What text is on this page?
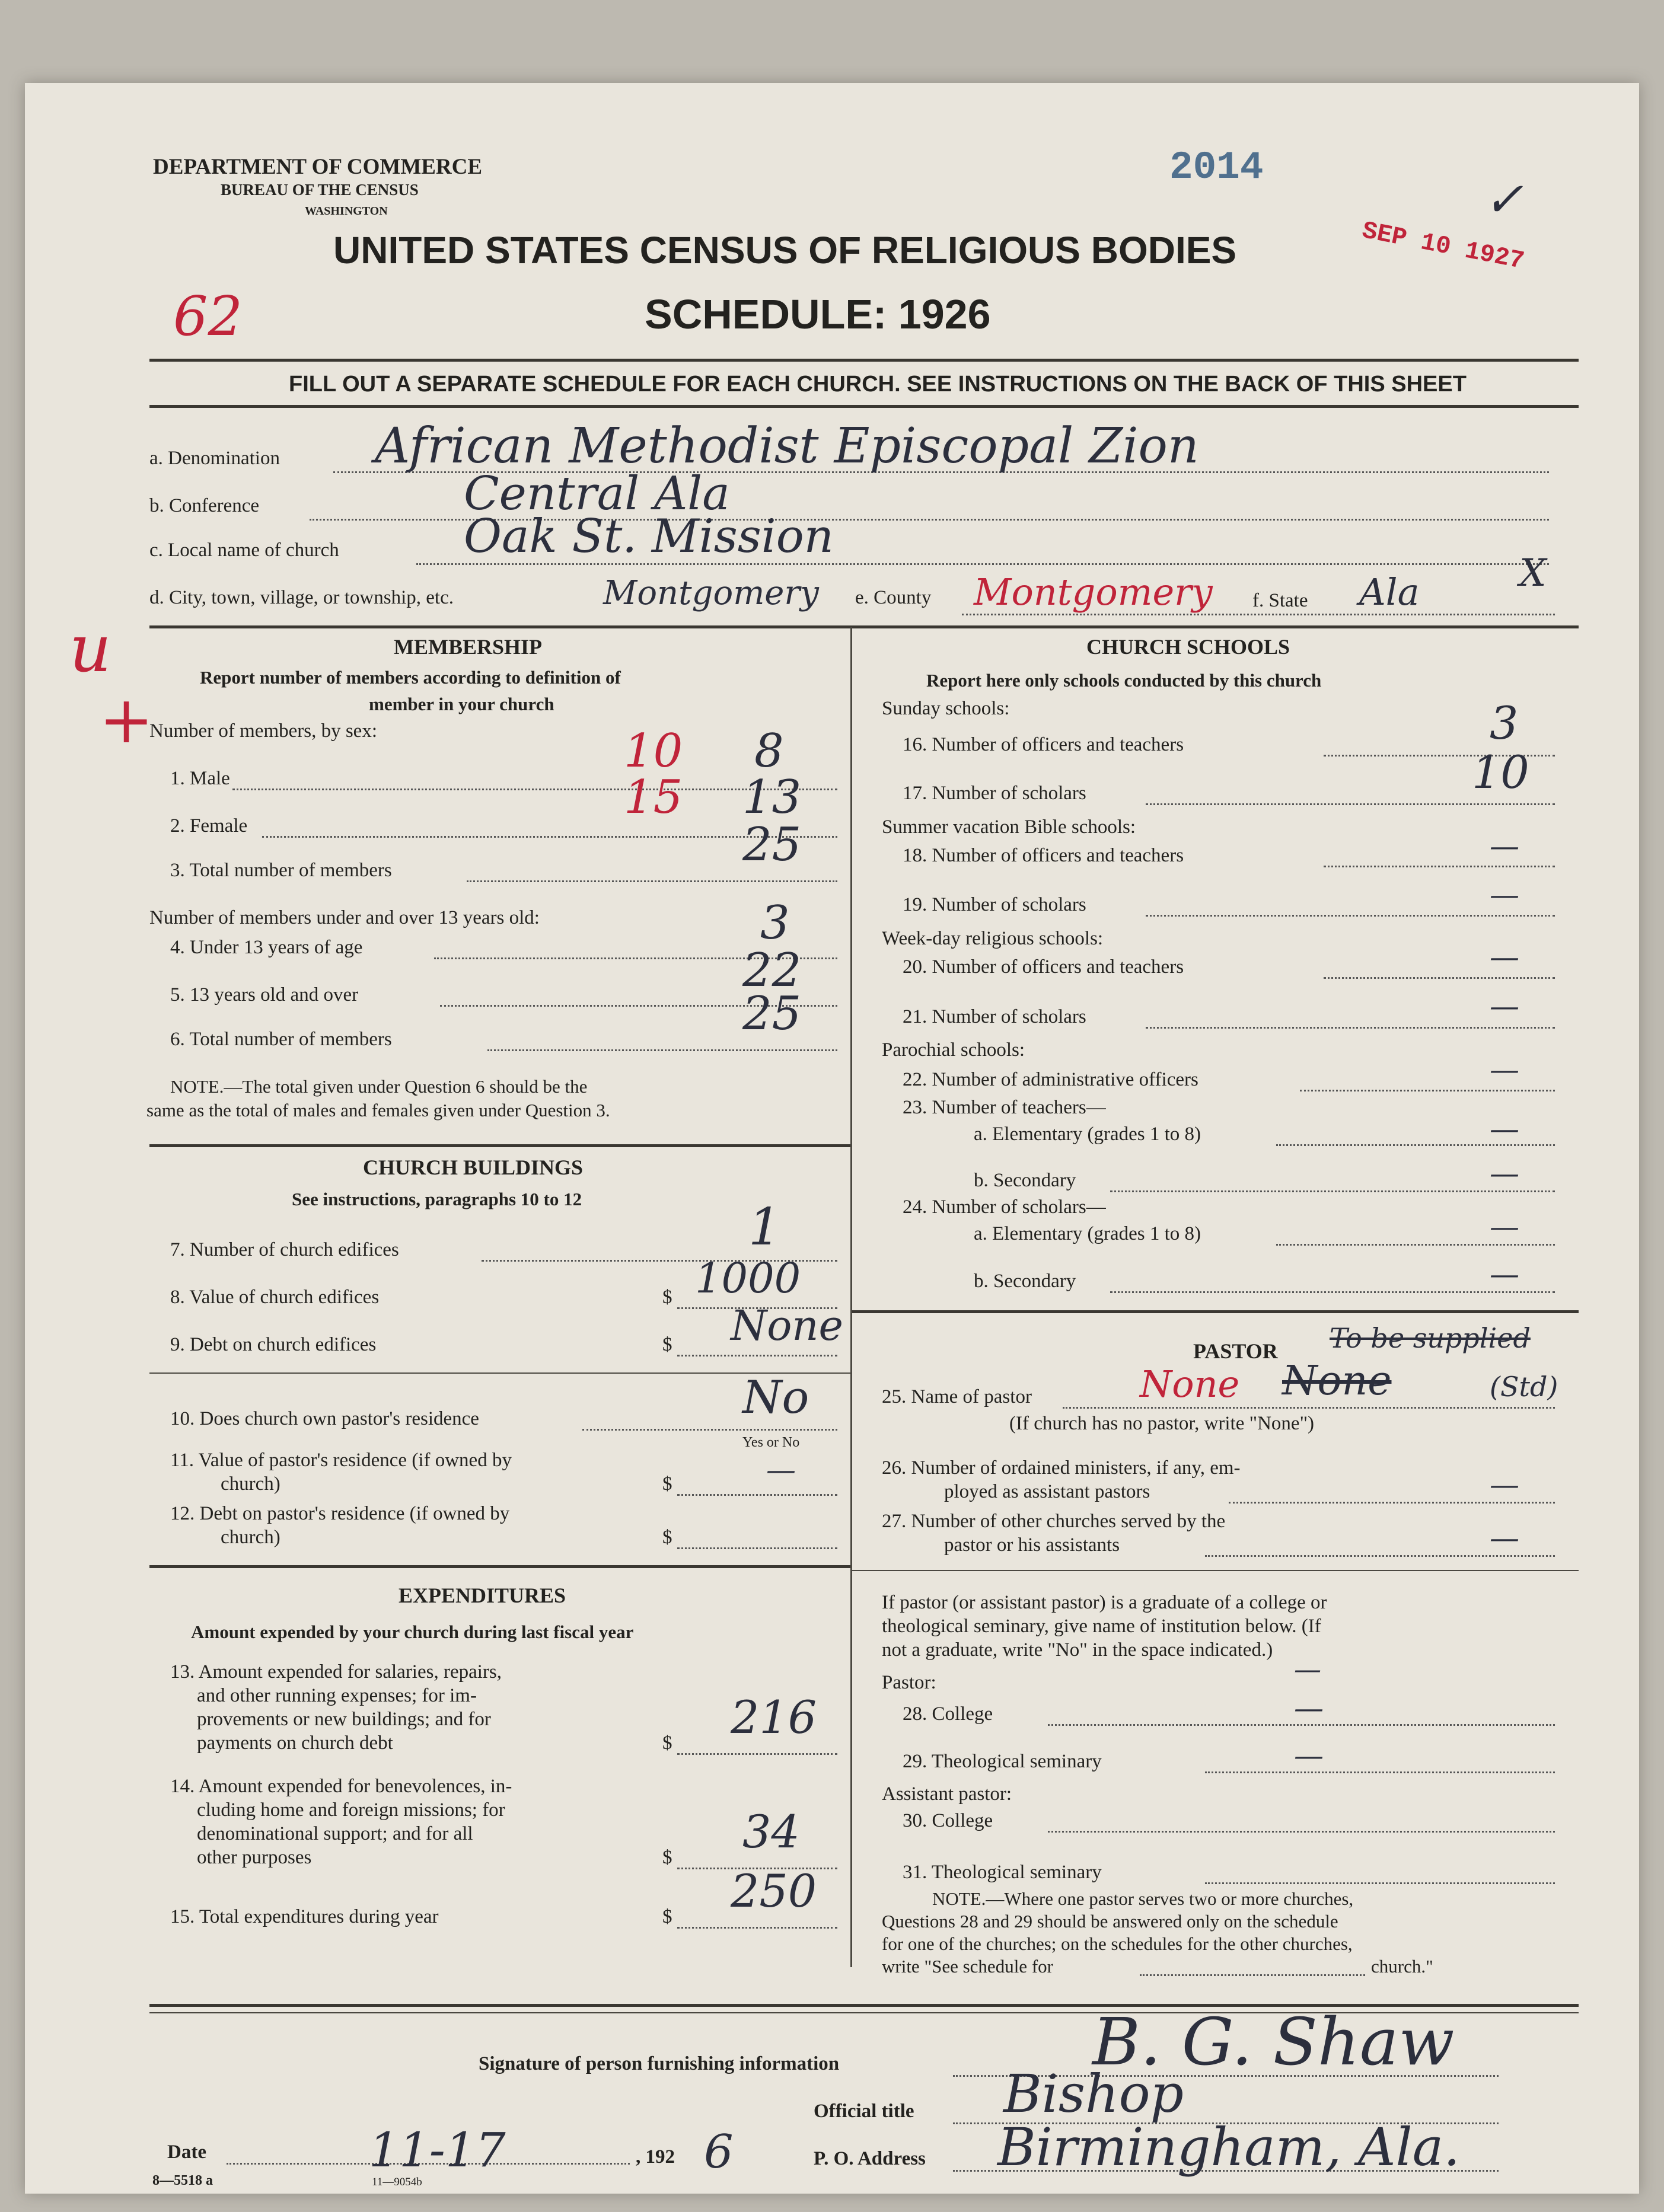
DEPARTMENT OF COMMERCE
BUREAU OF THE CENSUS
WASHINGTON
2014
SEP 10 1927
✓
UNITED STATES CENSUS OF RELIGIOUS BODIES
SCHEDULE: 1926
62
FILL OUT A SEPARATE SCHEDULE FOR EACH CHURCH. SEE INSTRUCTIONS ON THE BACK OF THIS SHEET
a. Denomination African Methodist Episcopal Zion
b. Conference	Central Ala
c. Local name of church	Oak St. Mission
X
d. City, town, village, or township, etc.	Montgomery e. County Montgomery f. State Ala
u
+
MEMBERSHIP
Report number of members according to definition of
member in your church
Number of members, by sex:
1. Male
10 8
2. Female
15 13
3. Total number of members	25
Number of members under and over 13 years old:
4. Under 13 years of age	3
5. 13 years old and over	22
6. Total number of members	25
NOTE.—The total given under Question 6 should be the
same as the total of males and females given under Question 3.
CHURCH BUILDINGS
See instructions, paragraphs 10 to 12
7. Number of church edifices	1
8. Value of church edifices	$ 1000
9. Debt on church edifices	$ None
10. Does church own pastor's residence	No
Yes or No
11. Value of pastor's residence (if owned by
church)	$	—
12. Debt on pastor's residence (if owned by
church)	$
EXPENDITURES
Amount expended by your church during last fiscal year
13. Amount expended for salaries, repairs,
and other running expenses; for im-
provements or new buildings; and for
payments on church debt	$ 216
14. Amount expended for benevolences, in-
cluding home and foreign missions; for
denominational support; and for all
other purposes	$ 34
15. Total expenditures during year	$ 250
CHURCH SCHOOLS
Report here only schools conducted by this church
Sunday schools:
16. Number of officers and teachers	3
17. Number of scholars	10
Summer vacation Bible schools:
18. Number of officers and teachers	—
19. Number of scholars	—
Week-day religious schools:
20. Number of officers and teachers	—
21. Number of scholars	—
Parochial schools:
22. Number of administrative officers	—
23. Number of teachers—
a. Elementary (grades 1 to 8)	—
b. Secondary	—
24. Number of scholars—
a. Elementary (grades 1 to 8)	—
b. Secondary	—
PASTOR To be supplied
25. Name of pastor	None None	(Std)
(If church has no pastor, write "None")
26. Number of ordained ministers, if any, em-
ployed as assistant pastors	—
27. Number of other churches served by the
pastor or his assistants	—
If pastor (or assistant pastor) is a graduate of a college or
theological seminary, give name of institution below. (If
not a graduate, write "No" in the space indicated.)
Pastor:	—
28. College	—
29. Theological seminary	—
Assistant pastor:
30. College
31. Theological seminary
NOTE.—Where one pastor serves two or more churches,
Questions 28 and 29 should be answered only on the schedule
for one of the churches; on the schedules for the other churches,
write "See schedule for	church."
Signature of person furnishing information	B. G. Shaw
Official title Bishop
Date	11-17	, 192 6	P. O. Address Birmingham, Ala.
8—5518 a	11—9054b
